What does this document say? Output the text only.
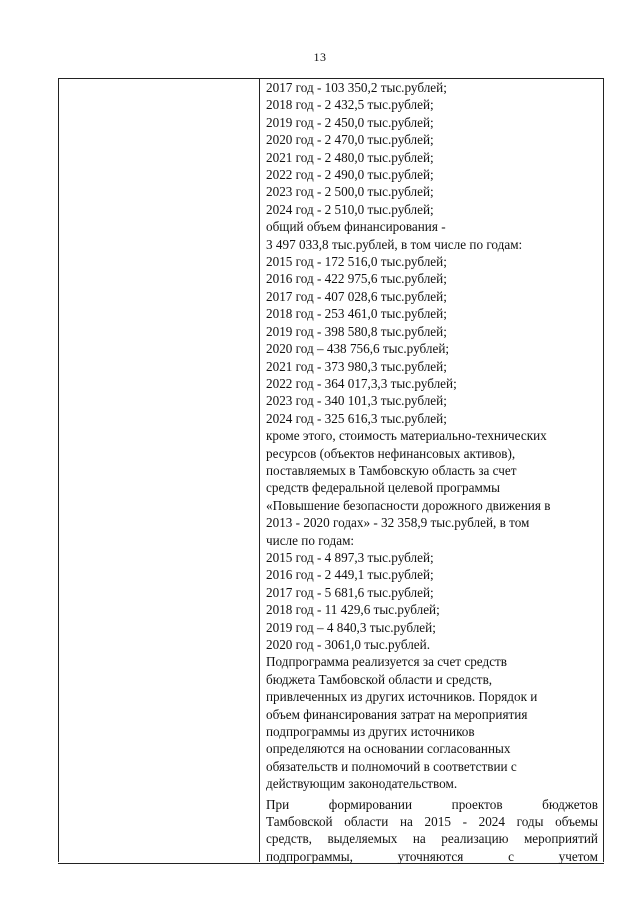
13
2017 год - 103 350,2 тыс.рублей;
2018 год - 2 432,5 тыс.рублей;
2019 год - 2 450,0 тыс.рублей;
2020 год - 2 470,0 тыс.рублей;
2021 год - 2 480,0 тыс.рублей;
2022 год - 2 490,0 тыс.рублей;
2023 год - 2 500,0 тыс.рублей;
2024 год - 2 510,0 тыс.рублей;
общий объем финансирования -
3 497 033,8 тыс.рублей, в том числе по годам:
2015 год - 172 516,0 тыс.рублей;
2016 год - 422 975,6 тыс.рублей;
2017 год - 407 028,6 тыс.рублей;
2018 год - 253 461,0 тыс.рублей;
2019 год - 398 580,8 тыс.рублей;
2020 год – 438 756,6 тыс.рублей;
2021 год - 373 980,3 тыс.рублей;
2022 год - 364 017,3,3 тыс.рублей;
2023 год - 340 101,3 тыс.рублей;
2024 год - 325 616,3 тыс.рублей;
кроме этого, стоимость материально-технических
ресурсов (объектов нефинансовых активов),
поставляемых в Тамбовскую область за счет
средств федеральной целевой программы
«Повышение безопасности дорожного движения в
2013 - 2020 годах» - 32 358,9 тыс.рублей, в том
числе по годам:
2015 год - 4 897,3 тыс.рублей;
2016 год - 2 449,1 тыс.рублей;
2017 год - 5 681,6 тыс.рублей;
2018 год - 11 429,6 тыс.рублей;
2019 год – 4 840,3 тыс.рублей;
2020 год - 3061,0 тыс.рублей.
Подпрограмма реализуется за счет средств
бюджета Тамбовской области и средств,
привлеченных из других источников. Порядок и
объем финансирования затрат на мероприятия
подпрограммы из других источников
определяются на основании согласованных
обязательств и полномочий в соответствии с
действующим законодательством.
При формировании проектов бюджетов
Тамбовской области на 2015 - 2024 годы объемы
средств, выделяемых на реализацию мероприятий
подпрограммы, уточняются с учетом
